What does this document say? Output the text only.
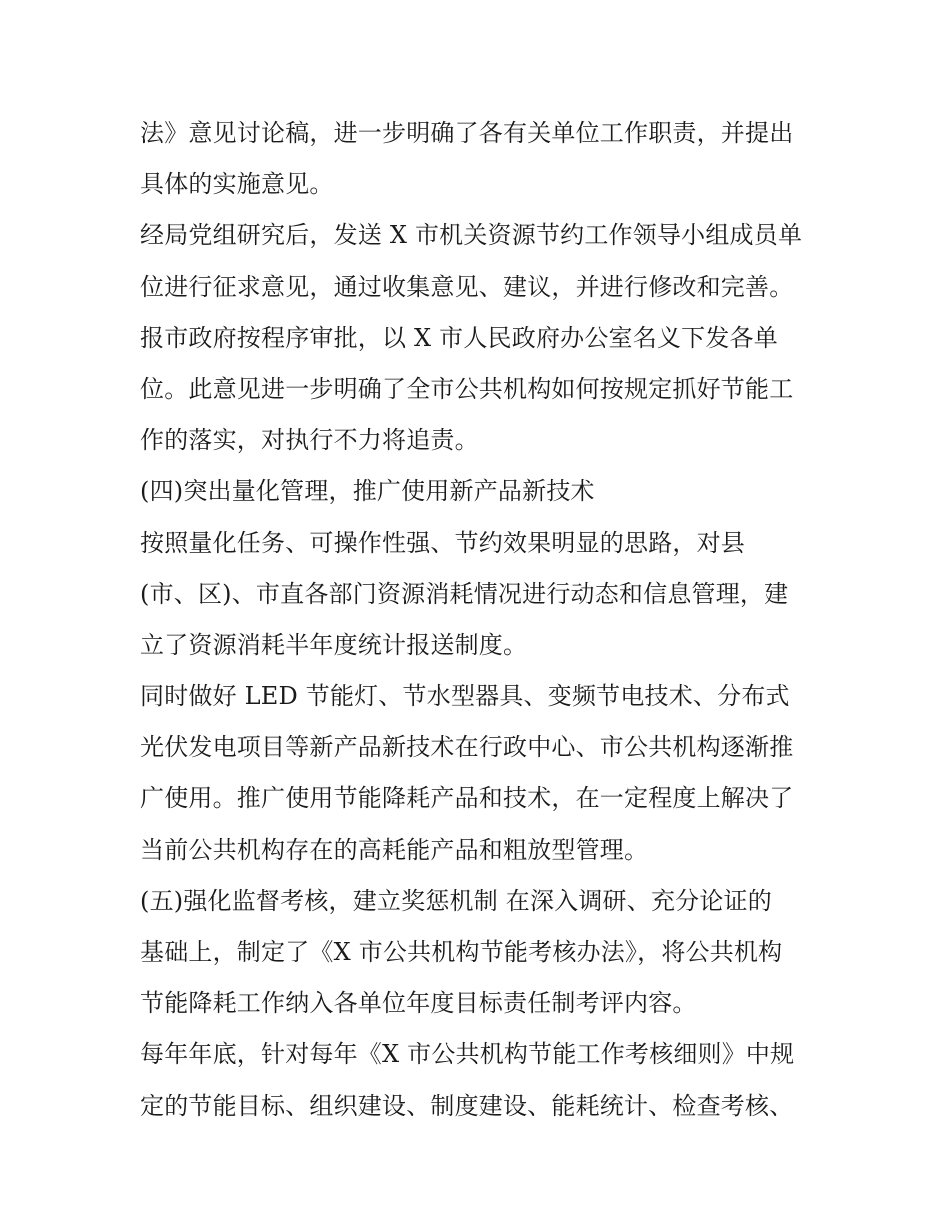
法》意见讨论稿，进一步明确了各有关单位工作职责，并提出
具体的实施意见。
经局党组研究后，发送 X 市机关资源节约工作领导小组成员单
位进行征求意见，通过收集意见、建议，并进行修改和完善。
报市政府按程序审批，以 X 市人民政府办公室名义下发各单
位。此意见进一步明确了全市公共机构如何按规定抓好节能工
作的落实，对执行不力将追责。
(四)突出量化管理，推广使用新产品新技术
按照量化任务、可操作性强、节约效果明显的思路，对县
(市、区)、市直各部门资源消耗情况进行动态和信息管理，建
立了资源消耗半年度统计报送制度。
同时做好 LED 节能灯、节水型器具、变频节电技术、分布式
光伏发电项目等新产品新技术在行政中心、市公共机构逐渐推
广使用。推广使用节能降耗产品和技术，在一定程度上解决了
当前公共机构存在的高耗能产品和粗放型管理。
(五)强化监督考核，建立奖惩机制 在深入调研、充分论证的
基础上，制定了《X 市公共机构节能考核办法》，将公共机构
节能降耗工作纳入各单位年度目标责任制考评内容。
每年年底，针对每年《X 市公共机构节能工作考核细则》中规
定的节能目标、组织建设、制度建设、能耗统计、检查考核、
